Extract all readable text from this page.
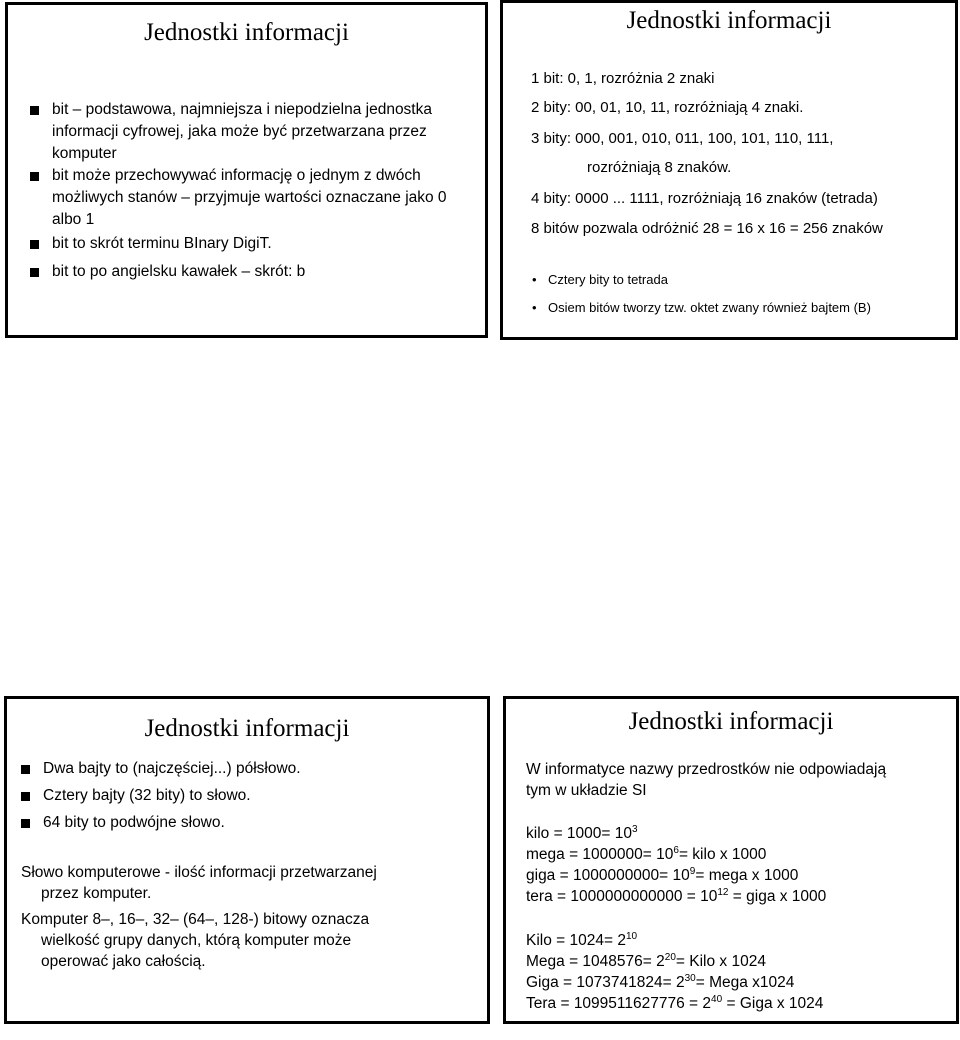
Jednostki informacji
bit – podstawowa, najmniejsza i niepodzielna jednostka informacji cyfrowej, jaka może być przetwarzana przez komputer
bit może przechowywać informację o jednym z dwóch możliwych stanów – przyjmuje wartości oznaczane jako 0 albo 1
bit to skrót terminu BInary DigiT.
bit to po angielsku kawałek – skrót: b
Jednostki informacji
1 bit: 0, 1, rozróżnia 2 znaki
2 bity: 00, 01, 10, 11, rozróżniają 4 znaki.
3 bity: 000, 001, 010, 011, 100, 101, 110, 111,
rozróżniają 8 znaków.
4 bity: 0000 ... 1111, rozróżniają 16 znaków (tetrada)
8 bitów pozwala odróżnić 28 = 16 x 16 = 256 znaków
• Cztery bity to tetrada
• Osiem bitów tworzy tzw. oktet zwany również bajtem (B)
Jednostki informacji
Dwa bajty to (najczęściej...) półsłowo.
Cztery bajty (32 bity) to słowo.
64 bity to podwójne słowo.
Słowo komputerowe - ilość informacji przetwarzanej
przez komputer.
Komputer 8–, 16–, 32– (64–, 128-) bitowy oznacza
wielkość grupy danych, którą komputer może
operować jako całością.
Jednostki informacji
W informatyce nazwy przedrostków nie odpowiadają
tym w układzie SI
kilo = $1000= 10^3$
mega = $1000000= 10^6=$ kilo x 1000
giga = $1000000000= 10^9=$ mega x 1000
tera = $1000000000000 = 10^{12}$ = giga x 1000
Kilo = $1024= 2^{10}$
Mega = $1048576= 2^{20}=$ Kilo x 1024
Giga = $1073741824= 2^{30}=$ Mega x1024
Tera = $1099511627776 = 2^{40}$ = Giga x 1024
